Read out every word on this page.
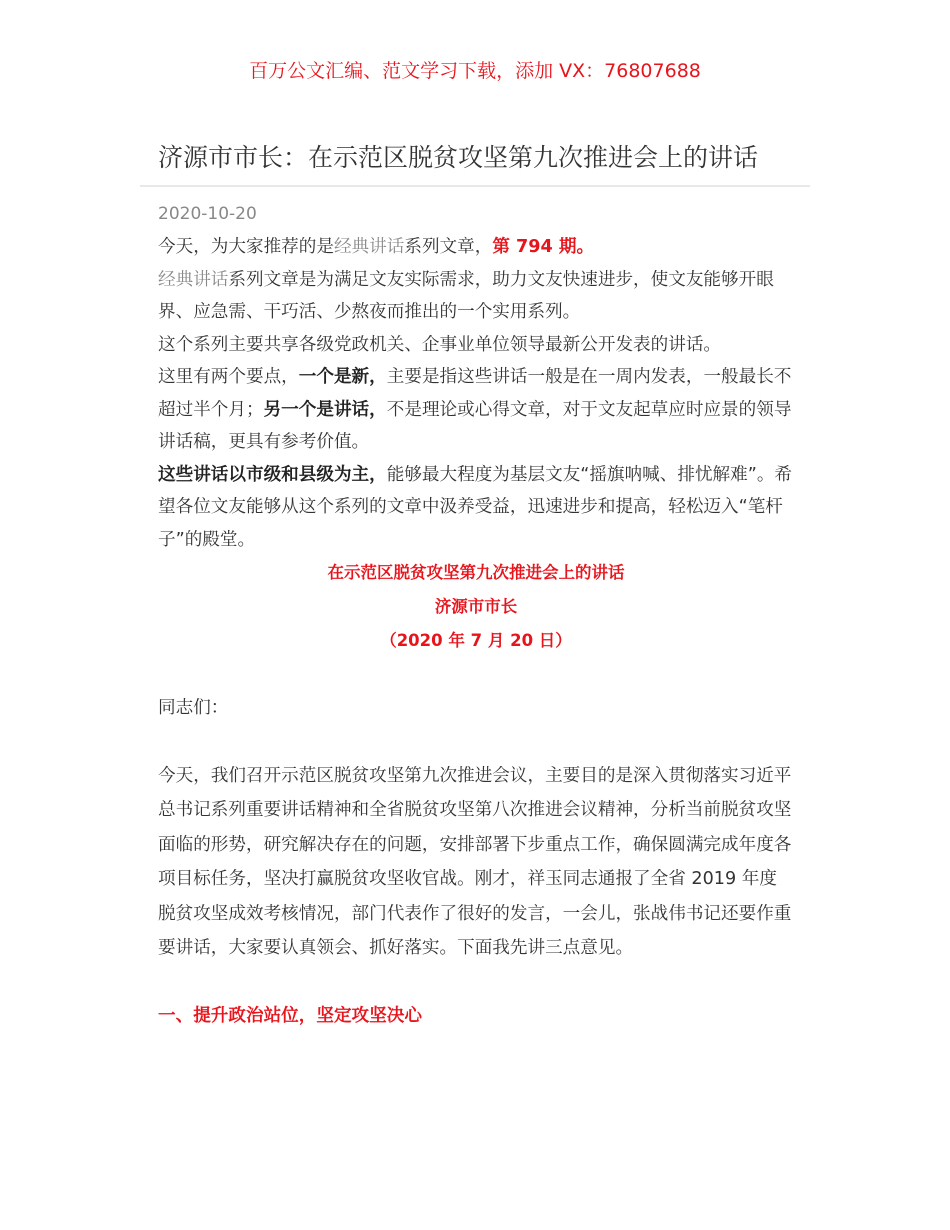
百万公文汇编、范文学习下载，添加 VX：76807688
济源市市长：在示范区脱贫攻坚第九次推进会上的讲话
2020-10-20

今天，为大家推荐的是经典讲话系列文章，第 794 期。

经典讲话系列文章是为满足文友实际需求，助力文友快速进步，使文友能够开眼界、应急需、干巧活、少熬夜而推出的一个实用系列。

这个系列主要共享各级党政机关、企事业单位领导最新公开发表的讲话。

这里有两个要点，一个是新，主要是指这些讲话一般是在一周内发表，一般最长不超过半个月；另一个是讲话，不是理论或心得文章，对于文友起草应时应景的领导讲话稿，更具有参考价值。

这些讲话以市级和县级为主，能够最大程度为基层文友“摇旗呐喊、排忧解难”。希望各位文友能够从这个系列的文章中汲养受益，迅速进步和提高，轻松迈入“笔杆子”的殿堂。

在示范区脱贫攻坚第九次推进会上的讲话

济源市市长

（2020 年 7 月 20 日）

同志们：

今天，我们召开示范区脱贫攻坚第九次推进会议，主要目的是深入贯彻落实习近平总书记系列重要讲话精神和全省脱贫攻坚第八次推进会议精神，分析当前脱贫攻坚面临的形势，研究解决存在的问题，安排部署下步重点工作，确保圆满完成年度各项目标任务，坚决打赢脱贫攻坚收官战。刚才，祥玉同志通报了全省 2019 年度脱贫攻坚成效考核情况，部门代表作了很好的发言，一会儿，张战伟书记还要作重要讲话，大家要认真领会、抓好落实。下面我先讲三点意见。

一、提升政治站位，坚定攻坚决心
